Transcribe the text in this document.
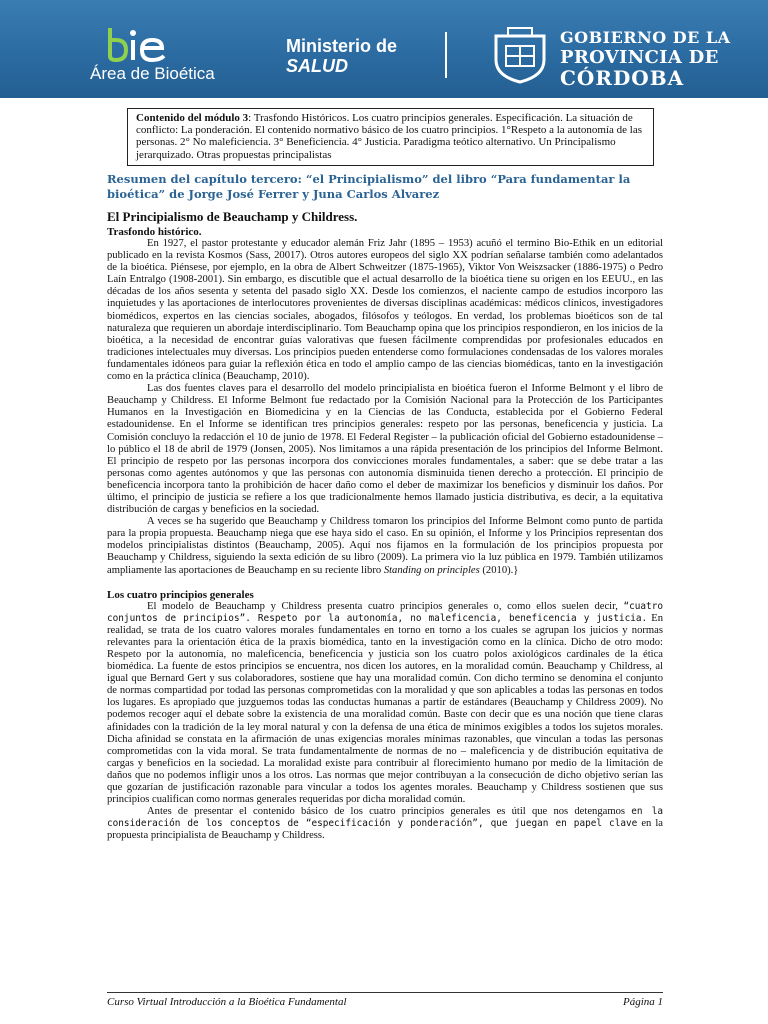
Área de Bioética
Ministerio de
SALUD
GOBIERNO DE LA
PROVINCIA DE
CÓRDOBA
Contenido del módulo 3: Trasfondo Históricos. Los cuatro principios generales. Especificación. La situación de conflicto: La ponderación. El contenido normativo básico de los cuatro principios. 1°Respeto a la autonomía de las personas. 2° No maleficiencia. 3° Beneficiencia. 4° Justicia. Paradigma teótico alternativo. Un Principalismo jerarquizado. Otras propuestas principalistas
Resumen del capítulo tercero: “el Principialismo” del libro “Para fundamentar la bioética” de Jorge José Ferrer y Juna Carlos Alvarez
El Principialismo de Beauchamp y Childress.
Trasfondo histórico.

En 1927, el pastor protestante y educador alemán Friz Jahr (1895 – 1953) acuñó el termino Bio-Ethik en un editorial publicado en la revista Kosmos (Sass, 20017). Otros autores europeos del siglo XX podrían señalarse también como adelantados de la bioética. Piénsese, por ejemplo, en la obra de Albert Schweitzer (1875-1965), Viktor Von Weiszsacker (1886-1975) o Pedro Laín Entralgo (1908-2001). Sin embargo, es discutible que el actual desarrollo de la bioética tiene su origen en los EEUU., en las décadas de los años sesenta y setenta del pasado siglo XX. Desde los comienzos, el naciente campo de estudios incorporo las inquietudes y las aportaciones de interlocutores provenientes de diversas disciplinas académicas: médicos clínicos, investigadores biomédicos, expertos en las ciencias sociales, abogados, filósofos y teólogos. En verdad, los problemas bioéticos son de tal naturaleza que requieren un abordaje interdisciplinario. Tom Beauchamp opina que los principios respondieron, en los inicios de la bioética, a la necesidad de encontrar guías valorativas que fuesen fácilmente comprendidas por profesionales educados en tradiciones intelectuales muy diversas. Los principios pueden entenderse como formulaciones condensadas de los valores morales fundamentales idóneos para guiar la reflexión ética en todo el amplio campo de las ciencias biomédicas, tanto en la investigación como en la práctica clínica (Beauchamp, 2010).

Las dos fuentes claves para el desarrollo del modelo principialista en bioética fueron el Informe Belmont y el libro de Beauchamp y Childress. El Informe Belmont fue redactado por la Comisión Nacional para la Protección de los Participantes Humanos en la Investigación en Biomedicina y en la Ciencias de las Conducta, establecida por el Gobierno Federal estadounidense. En el Informe se identifican tres principios generales: respeto por las personas, beneficencia y justicia. La Comisión concluyo la redacción el 10 de junio de 1978. El Federal Register – la publicación oficial del Gobierno estadounidense – lo público el 18 de abril de 1979 (Jonsen, 2005). Nos limitamos a una rápida presentación de los principios del Informe Belmont. El principio de respeto por las personas incorpora dos convicciones morales fundamentales, a saber: que se debe tratar a las personas como agentes autónomos y que las personas con autonomía disminuida tienen derecho a protección. El principio de beneficencia incorpora tanto la prohibición de hacer daño como el deber de maximizar los beneficios y disminuir los daños. Por último, el principio de justicia se refiere a los que tradicionalmente hemos llamado justicia distributiva, es decir, a la equitativa distribución de cargas y beneficios en la sociedad.

A veces se ha sugerido que Beauchamp y Childress tomaron los principios del Informe Belmont como punto de partida para la propia propuesta. Beauchamp niega que ese haya sido el caso. En su opinión, el Informe y los Principios representan dos modelos principialistas distintos (Beauchamp, 2005). Aquí nos fijamos en la formulación de los principios propuesta por Beauchamp y Childress, siguiendo la sexta edición de su libro (2009). La primera vio la luz pública en 1979. También utilizamos ampliamente las aportaciones de Beauchamp en su reciente libro Standing on principles (2010).}

Los cuatro principios generales

El modelo de Beauchamp y Childress presenta cuatro principios generales o, como ellos suelen decir, “cuatro conjuntos de principios”. Respeto por la autonomía, no maleficencia, beneficencia y justicia. En realidad, se trata de los cuatro valores morales fundamentales en torno en torno a los cuales se agrupan los juicios y normas relevantes para la orientación ética de la praxis biomédica, tanto en la investigación como en la clínica. Dicho de otro modo: Respeto por la autonomía, no maleficencia, beneficencia y justicia son los cuatro polos axiológicos cardinales de la ética biomédica. La fuente de estos principios se encuentra, nos dicen los autores, en la moralidad común. Beauchamp y Childress, al igual que Bernard Gert y sus colaboradores, sostiene que hay una moralidad común. Con dicho termino se denomina el conjunto de normas compartidad por todad las personas comprometidas con la moralidad y que son aplicables a todas las personas en todos los lugares. Es apropiado que juzguemos todas las conductas humanas a partir de estándares (Beauchamp y Childress 2009). No podemos recoger aquí el debate sobre la existencia de una moralidad común. Baste con decir que es una noción que tiene claras afinidades con la tradición de la ley moral natural y con la defensa de una ética de mínimos exigibles a todos los sujetos morales. Dicha afinidad se constata en la afirmación de unas exigencias morales mínimas razonables, que vinculan a todas las personas comprometidas con la vida moral. Se trata fundamentalmente de normas de no – maleficencia y de distribución equitativa de cargas y beneficios en la sociedad. La moralidad existe para contribuir al florecimiento humano por medio de la limitación de daños que no podemos infligir unos a los otros. Las normas que mejor contribuyan a la consecución de dicho objetivo serían las que gozarían de justificación razonable para vincular a todos los agentes morales. Beauchamp y Childress sostienen que sus principios cualifican como normas generales requeridas por dicha moralidad común.

Antes de presentar el contenido básico de los cuatro principios generales es útil que nos detengamos en la consideración de los conceptos de “especificación y ponderación”, que juegan en papel clave en la propuesta principialista de Beauchamp y Childress.

Curso Virtual Introducción a la Bioética Fundamental	Página 1
